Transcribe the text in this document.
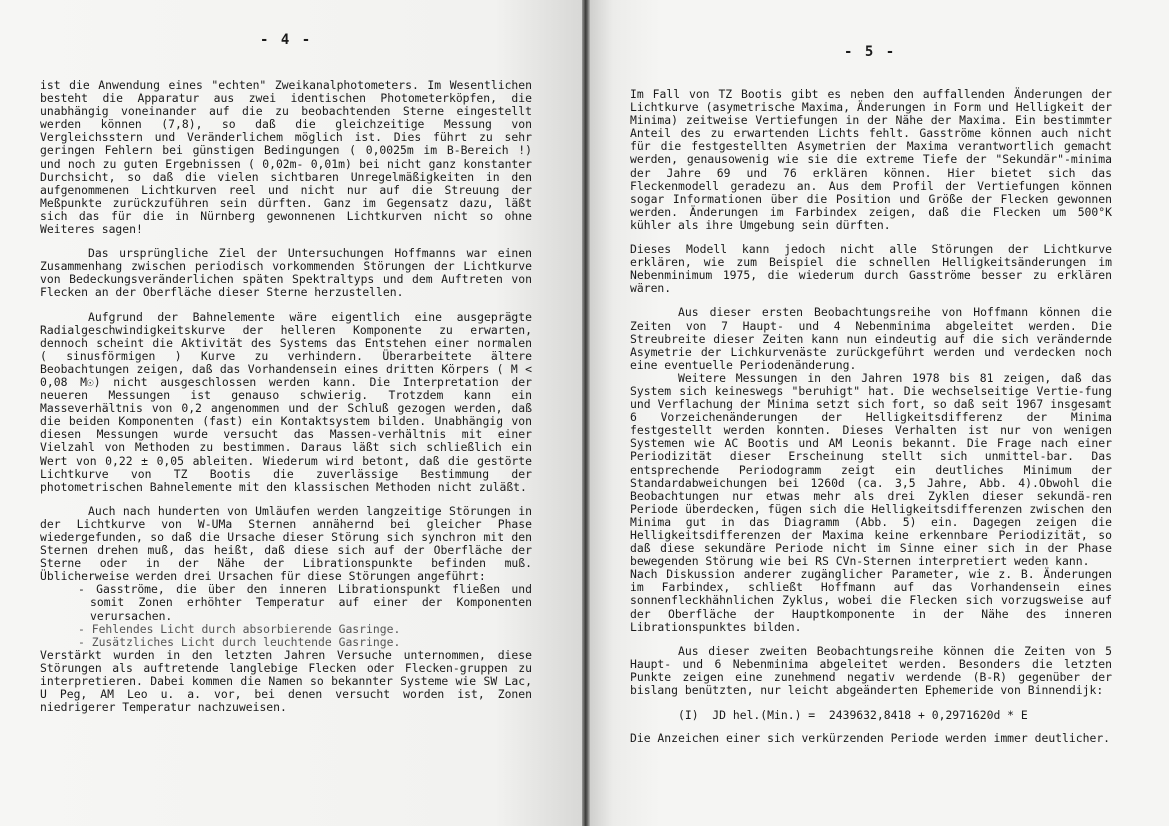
- 4 -

ist die Anwendung eines "echten" Zweikanalphotometers. Im Wesentlichen besteht die Apparatur aus zwei identischen Photometerköpfen, die unabhängig voneinander auf die zu beobachtenden Sterne eingestellt werden können (7,8), so daß die gleichzeitige Messung von Vergleichsstern und Veränderlichem möglich ist. Dies führt zu sehr geringen Fehlern bei günstigen Bedingungen ( 0,0025m im B-Bereich !) und noch zu guten Ergebnissen ( 0,02m- 0,01m) bei nicht ganz konstanter Durchsicht, so daß die vielen sichtbaren Unregelmäßigkeiten in den aufgenommenen Lichtkurven reel und nicht nur auf die Streuung der Meßpunkte zurückzuführen sein dürften. Ganz im Gegensatz dazu, läßt sich das für die in Nürnberg gewonnenen Lichtkurven nicht so ohne Weiteres sagen!

Das ursprüngliche Ziel der Untersuchungen Hoffmanns war einen Zusammenhang zwischen periodisch vorkommenden Störungen der Lichtkurve von Bedeckungsveränderlichen späten Spektraltyps und dem Auftreten von Flecken an der Oberfläche dieser Sterne herzustellen.

Aufgrund der Bahnelemente wäre eigentlich eine ausgeprägte Radialgeschwindigkeitskurve der helleren Komponente zu erwarten, dennoch scheint die Aktivität des Systems das Entstehen einer normalen ( sinusförmigen ) Kurve zu verhindern. Überarbeitete ältere Beobachtungen zeigen, daß das Vorhandensein eines dritten Körpers ( M < 0,08 M☉) nicht ausgeschlossen werden kann. Die Interpretation der neueren Messungen ist genauso schwierig. Trotzdem kann ein Masseverhältnis von 0,2 angenommen und der Schluß gezogen werden, daß die beiden Komponenten (fast) ein Kontaktsystem bilden. Unabhängig von diesen Messungen wurde versucht das Massen-verhältnis mit einer Vielzahl von Methoden zu bestimmen. Daraus läßt sich schließlich ein Wert von 0,22 ± 0,05 ableiten. Wiederum wird betont, daß die gestörte Lichtkurve von TZ Bootis die zuverlässige Bestimmung der photometrischen Bahnelemente mit den klassischen Methoden nicht zuläßt.

Auch nach hunderten von Umläufen werden langzeitige Störungen in der Lichtkurve von W-UMa Sternen annähernd bei gleicher Phase wiedergefunden, so daß die Ursache dieser Störung sich synchron mit den Sternen drehen muß, das heißt, daß diese sich auf der Oberfläche der Sterne oder in der Nähe der Librationspunkte befinden muß. Üblicherweise werden drei Ursachen für diese Störungen angeführt:

- Gasströme, die über den inneren Librationspunkt fließen und somit Zonen erhöhter Temperatur auf einer der Komponenten verursachen.
- Fehlendes Licht durch absorbierende Gasringe.
- Zusätzliches Licht durch leuchtende Gasringe.

Verstärkt wurden in den letzten Jahren Versuche unternommen, diese Störungen als auftretende langlebige Flecken oder Flecken-gruppen zu interpretieren. Dabei kommen die Namen so bekannter Systeme wie SW Lac, U Peg, AM Leo u. a. vor, bei denen versucht worden ist, Zonen niedrigerer Temperatur nachzuweisen.

- 5 -

Im Fall von TZ Bootis gibt es neben den auffallenden Änderungen der Lichtkurve (asymetrische Maxima, Änderungen in Form und Helligkeit der Minima) zeitweise Vertiefungen in der Nähe der Maxima. Ein bestimmter Anteil des zu erwartenden Lichts fehlt. Gasströme können auch nicht für die festgestellten Asymetrien der Maxima verantwortlich gemacht werden, genausowenig wie sie die extreme Tiefe der "Sekundär"-minima der Jahre 69 und 76 erklären können. Hier bietet sich das Fleckenmodell geradezu an. Aus dem Profil der Vertiefungen können sogar Informationen über die Position und Größe der Flecken gewonnen werden. Änderungen im Farbindex zeigen, daß die Flecken um 500°K kühler als ihre Umgebung sein dürften.

Dieses Modell kann jedoch nicht alle Störungen der Lichtkurve erklären, wie zum Beispiel die schnellen Helligkeitsänderungen im Nebenminimum 1975, die wiederum durch Gasströme besser zu erklären wären.

Aus dieser ersten Beobachtungsreihe von Hoffmann können die Zeiten von 7 Haupt- und 4 Nebenminima abgeleitet werden. Die Streubreite dieser Zeiten kann nun eindeutig auf die sich verändernde Asymetrie der Lichkurvenäste zurückgeführt werden und verdecken noch eine eventuelle Periodenänderung.

Weitere Messungen in den Jahren 1978 bis 81 zeigen, daß das System sich keineswegs "beruhigt" hat. Die wechselseitige Vertie-fung und Verflachung der Minima setzt sich fort, so daß seit 1967 insgesamt 6 Vorzeichenänderungen der Helligkeitsdifferenz der Minima festgestellt werden konnten. Dieses Verhalten ist nur von wenigen Systemen wie AC Bootis und AM Leonis bekannt. Die Frage nach einer Periodizität dieser Erscheinung stellt sich unmittel-bar. Das entsprechende Periodogramm zeigt ein deutliches Minimum der Standardabweichungen bei 1260d (ca. 3,5 Jahre, Abb. 4).Obwohl die Beobachtungen nur etwas mehr als drei Zyklen dieser sekundä-ren Periode überdecken, fügen sich die Helligkeitsdifferenzen zwischen den Minima gut in das Diagramm (Abb. 5) ein. Dagegen zeigen die Helligkeitsdifferenzen der Maxima keine erkennbare Periodizität, so daß diese sekundäre Periode nicht im Sinne einer sich in der Phase bewegenden Störung wie bei RS CVn-Sternen interpretiert weden kann.

Nach Diskussion anderer zugänglicher Parameter, wie z. B. Änderungen im Farbindex, schließt Hoffmann auf das Vorhandensein eines sonnenfleckhähnlichen Zyklus, wobei die Flecken sich vorzugsweise auf der Oberfläche der Hauptkomponente in der Nähe des inneren Librationspunktes bilden.

Aus dieser zweiten Beobachtungsreihe können die Zeiten von 5 Haupt- und 6 Nebenminima abgeleitet werden. Besonders die letzten Punkte zeigen eine zunehmend negativ werdende (B-R) gegenüber der bislang benützten, nur leicht abgeänderten Ephemeride von Binnendijk:

(I)  JD hel.(Min.) =  2439632,8418 + 0,2971620d * E

Die Anzeichen einer sich verkürzenden Periode werden immer deutlicher.
